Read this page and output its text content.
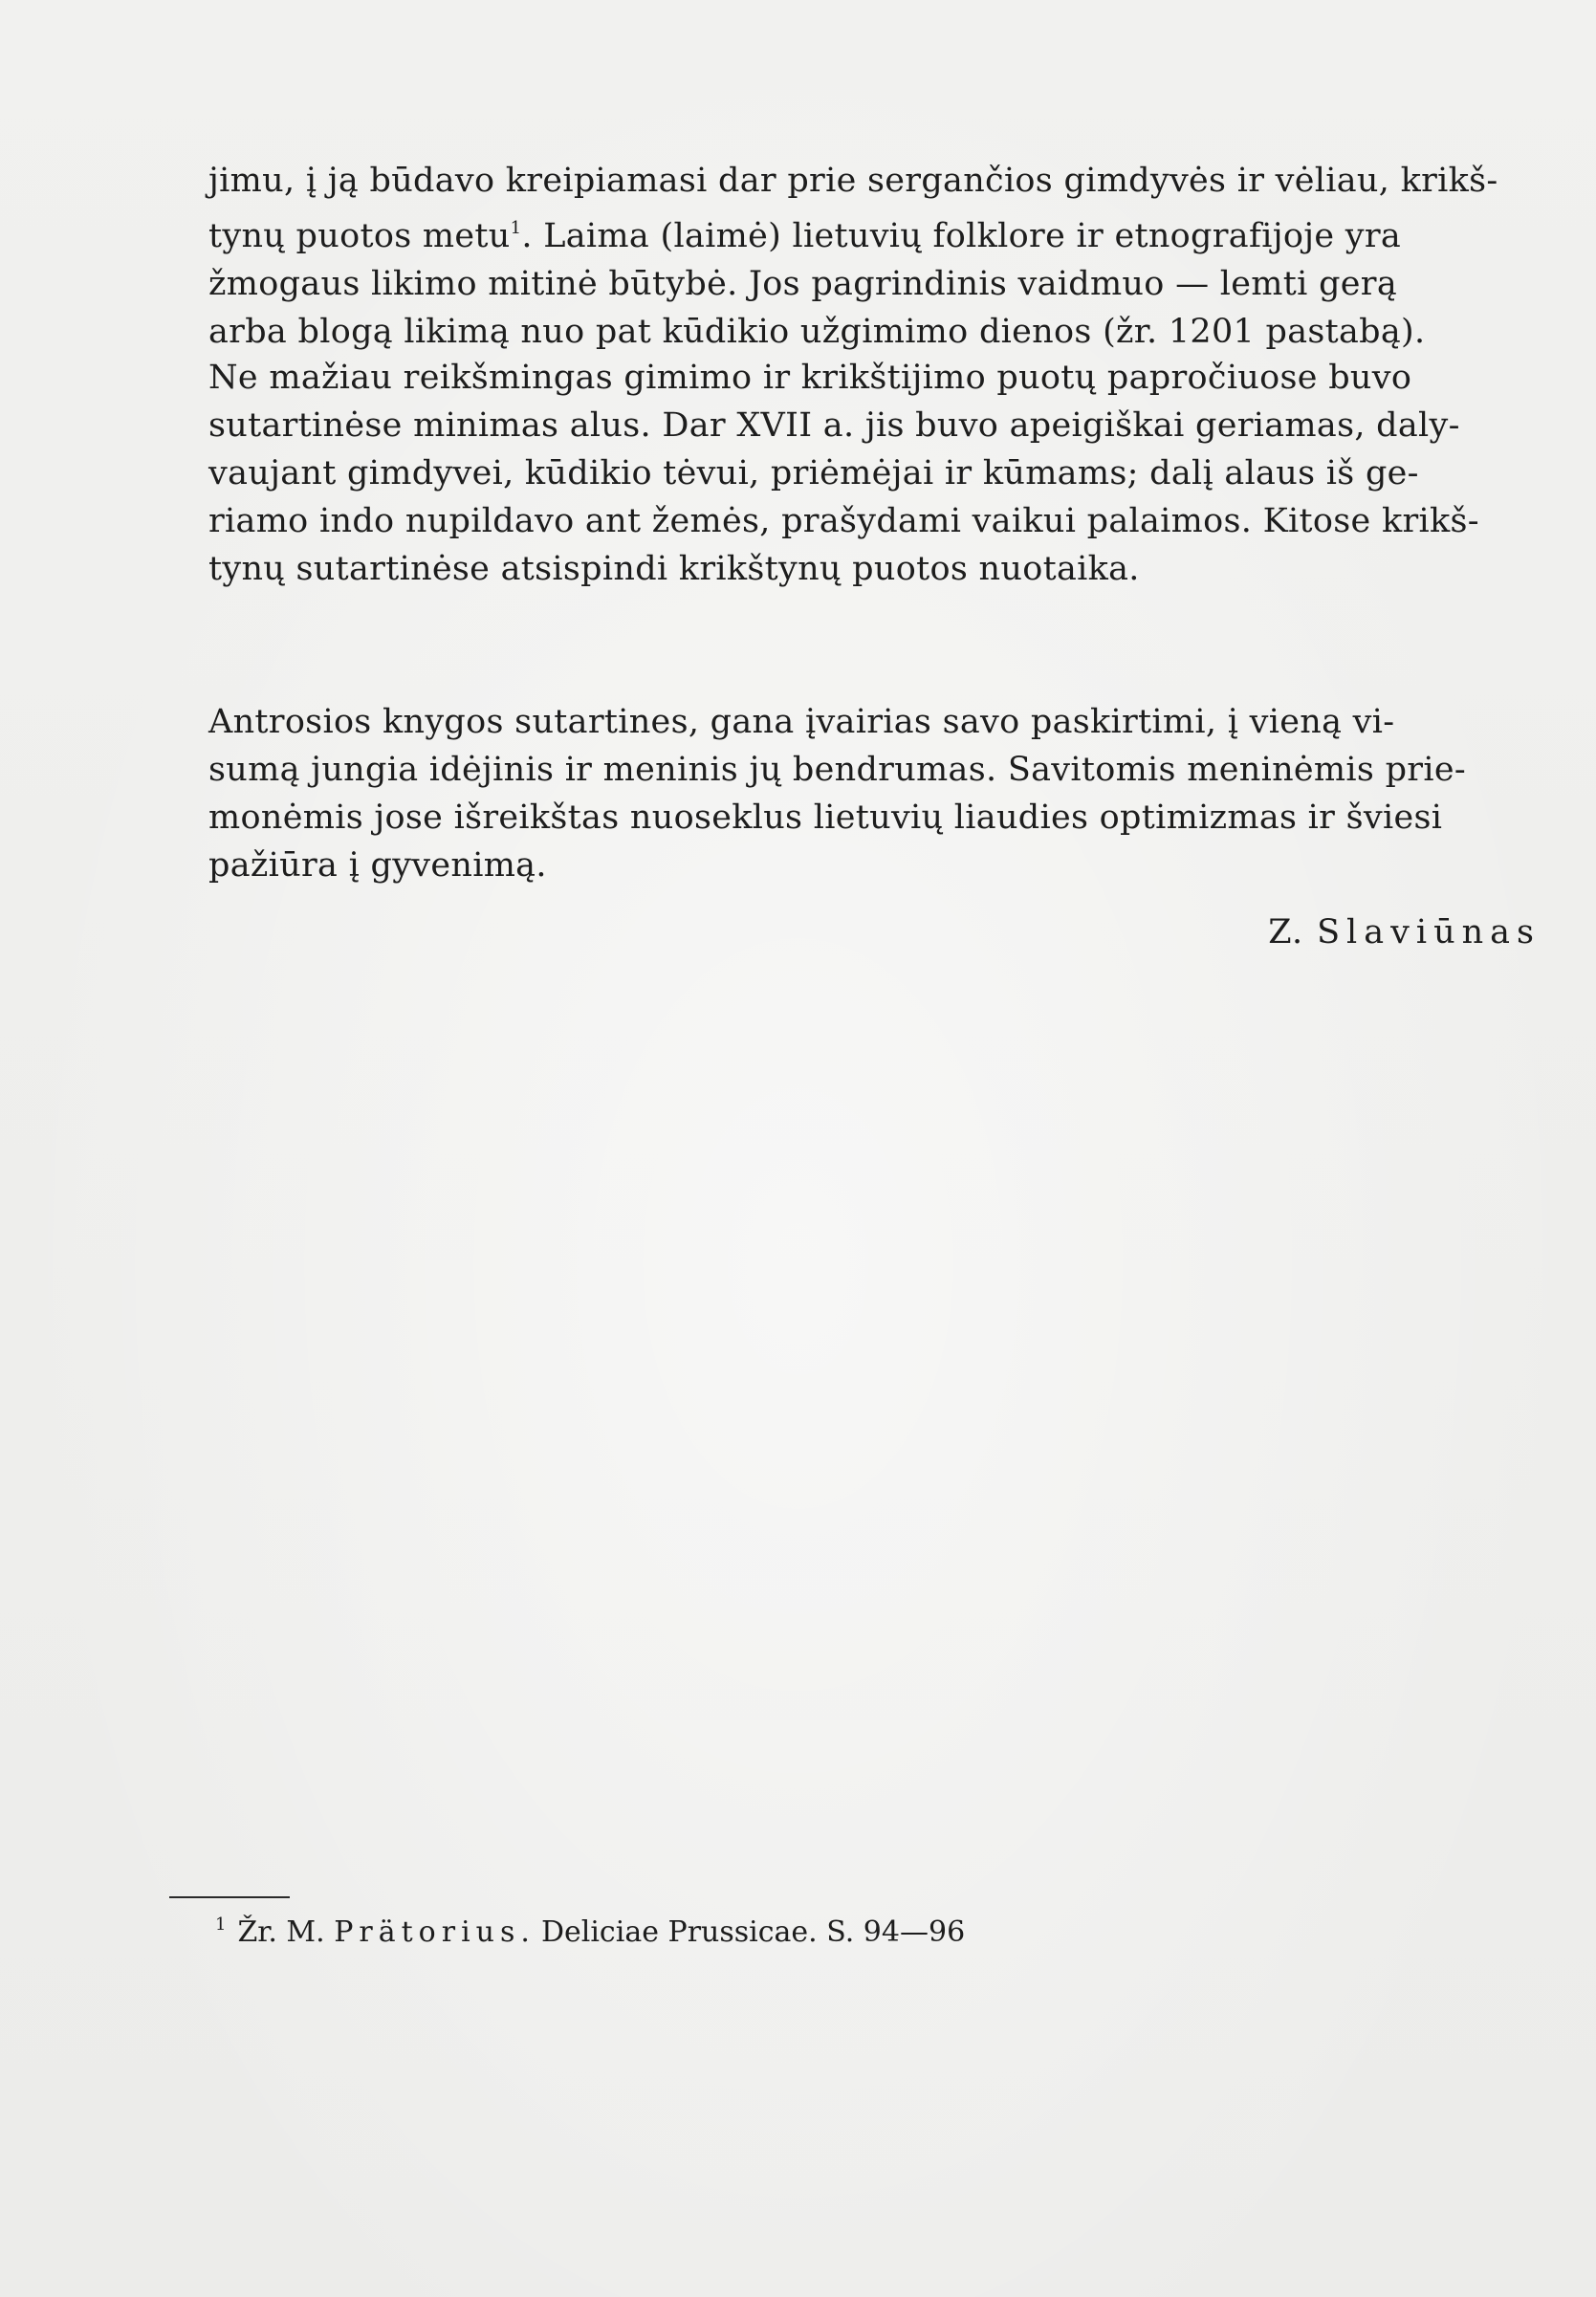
jimu, į ją būdavo kreipiamasi dar prie sergančios gimdyvės ir vėliau, krikš-

tynų puotos metu$^1$. Laima (laimė) lietuvių folklore ir etnografijoje yra

žmogaus likimo mitinė būtybė. Jos pagrindinis vaidmuo — lemti gerą

arba blogą likimą nuo pat kūdikio užgimimo dienos (žr. 1201 pastabą).

Ne mažiau reikšmingas gimimo ir krikštijimo puotų papročiuose buvo

sutartinėse minimas alus. Dar XVII a. jis buvo apeigiškai geriamas, daly-

vaujant gimdyvei, kūdikio tėvui, priėmėjai ir kūmams; dalį alaus iš ge-

riamo indo nupildavo ant žemės, prašydami vaikui palaimos. Kitose krikš-

tynų sutartinėse atsispindi krikštynų puotos nuotaika.

Antrosios knygos sutartines, gana įvairias savo paskirtimi, į vieną vi-

sumą jungia idėjinis ir meninis jų bendrumas. Savitomis meninėmis prie-

monėmis jose išreikštas nuoseklus lietuvių liaudies optimizmas ir šviesi

pažiūra į gyvenimą.

Z. Slaviūnas
$^1$ Žr. M. Prätorius. Deliciae Prussicae. S. 94—96
